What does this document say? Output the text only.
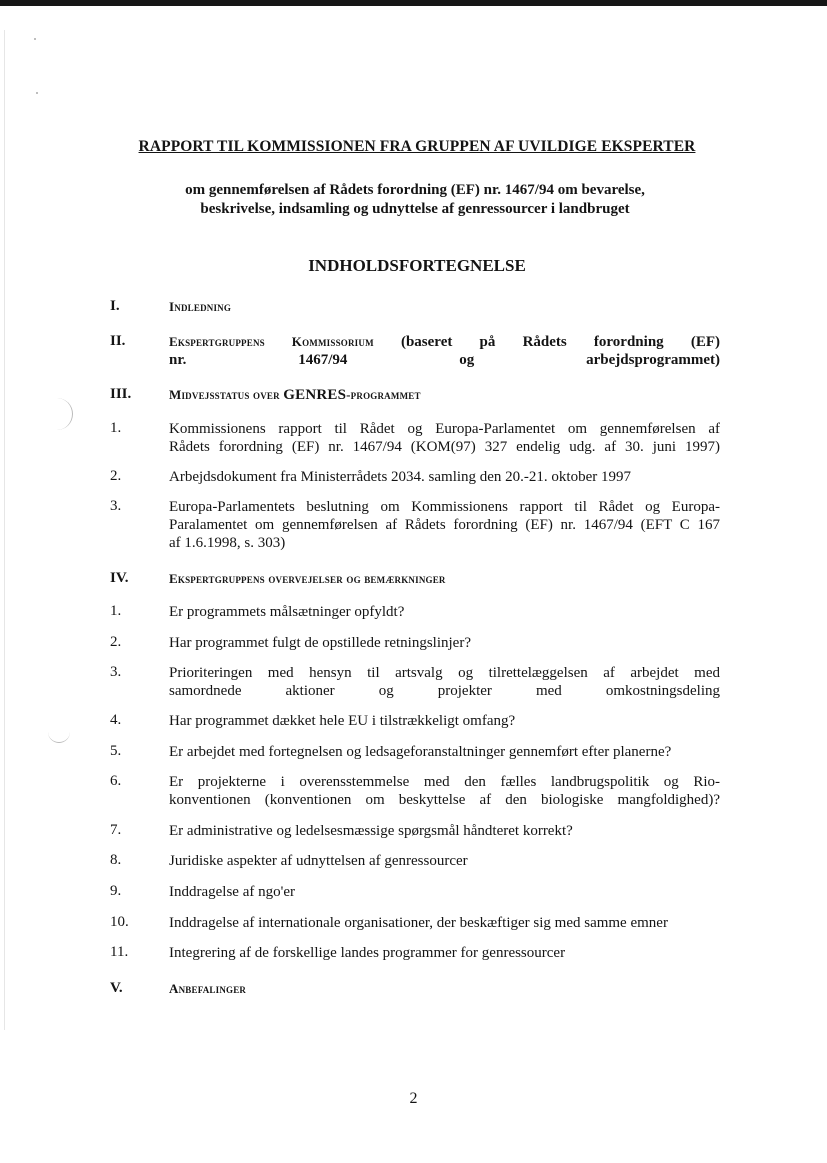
RAPPORT TIL KOMMISSIONEN FRA GRUPPEN AF UVILDIGE EKSPERTER
om gennemførelsen af Rådets forordning (EF) nr. 1467/94 om bevarelse,
beskrivelse, indsamling og udnyttelse af genressourcer i landbruget
INDHOLDSFORTEGNELSE
I.	Indledning
II.	Ekspertgruppens Kommissorium (baseret på Rådets forordning (EF)
nr. 1467/94 og arbejdsprogrammet)
III.	Midvejsstatus over GENRES-programmet
1.	Kommissionens rapport til Rådet og Europa-Parlamentet om gennemførelsen af
Rådets forordning (EF) nr. 1467/94 (KOM(97) 327 endelig udg. af 30. juni 1997)
2.	Arbejdsdokument fra Ministerrådets 2034. samling den 20.-21. oktober 1997
3.	Europa-Parlamentets beslutning om Kommissionens rapport til Rådet og Europa-
Paralamentet om gennemførelsen af Rådets forordning (EF) nr. 1467/94 (EFT C 167
af 1.6.1998, s. 303)
IV.	Ekspertgruppens overvejelser og bemærkninger
1.	Er programmets målsætninger opfyldt?
2.	Har programmet fulgt de opstillede retningslinjer?
3.	Prioriteringen med hensyn til artsvalg og tilrettelæggelsen af arbejdet med
samordnede aktioner og projekter med omkostningsdeling
4.	Har programmet dækket hele EU i tilstrækkeligt omfang?
5.	Er arbejdet med fortegnelsen og ledsageforanstaltninger gennemført efter planerne?
6.	Er projekterne i overensstemmelse med den fælles landbrugspolitik og Rio-
konventionen (konventionen om beskyttelse af den biologiske mangfoldighed)?
7.	Er administrative og ledelsesmæssige spørgsmål håndteret korrekt?
8.	Juridiske aspekter af udnyttelsen af genressourcer
9.	Inddragelse af ngo'er
10.	Inddragelse af internationale organisationer, der beskæftiger sig med samme emner
11.	Integrering af de forskellige landes programmer for genressourcer
V.	Anbefalinger
2
